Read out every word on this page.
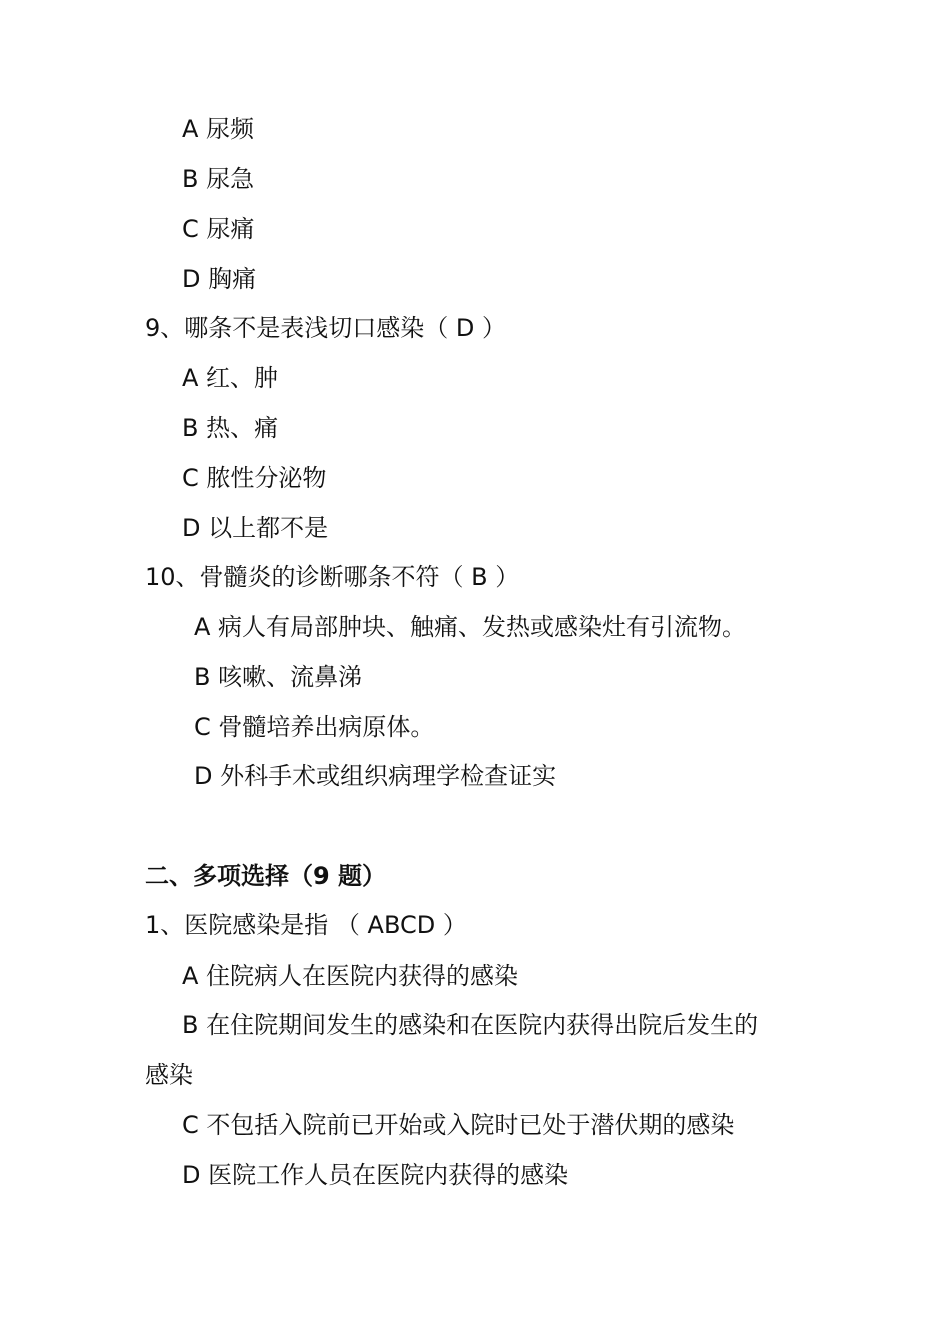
A 尿频
B 尿急
C 尿痛
D 胸痛
9、哪条不是表浅切口感染（ D ）
A 红、肿
B 热、痛
C 脓性分泌物
D 以上都不是
10、骨髓炎的诊断哪条不符（ B ）
A 病人有局部肿块、触痛、发热或感染灶有引流物。
B 咳嗽、流鼻涕
C 骨髓培养出病原体。
D 外科手术或组织病理学检查证实
二、多项选择（9 题）
1、医院感染是指 （ ABCD ）
A 住院病人在医院内获得的感染
B 在住院期间发生的感染和在医院内获得出院后发生的
感染
C 不包括入院前已开始或入院时已处于潜伏期的感染
D 医院工作人员在医院内获得的感染
